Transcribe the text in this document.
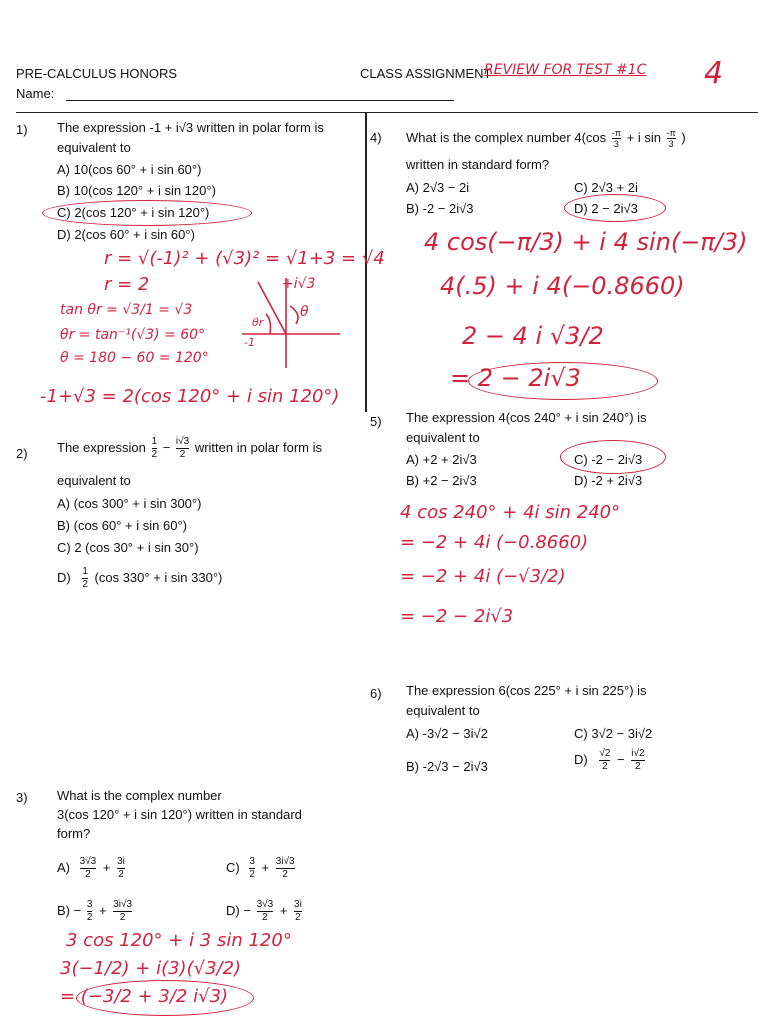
PRE-CALCULUS HONORS
Name:
CLASS ASSIGNMENT
REVIEW FOR TEST #1C 4
1) The expression -1 + i√3 written in polar form is
equivalent to
A) 10(cos 60° + i sin 60°)
B) 10(cos 120° + i sin 120°)
C) 2(cos 120° + i sin 120°)
D) 2(cos 60° + i sin 60°)
r = √(-1)² + (√3)² = √1+3 = √4
r = 2
tan θr = √3/1 = √3
θr = tan⁻¹(√3) = 60°
θ = 180 − 60 = 120°
-1+√3 = 2(cos 120° + i sin 120°)
+i√3
θr
θ
-1
4) What is the complex number $4(\cos \frac{-\pi}{3} + i$ $\sin \frac{-\pi}{3}$ )
written in standard form?
A) 2√3 − 2i	C) 2√3 + 2i
B) -2 − 2i√3	D) 2 − 2i√3
4 cos(−π/3) + i 4 sin(−π/3)
4(.5) + i 4(−0.8660)
2 − 4 i √3/2
= 2 − 2i√3
2) The expression $\frac{1}{2} - \frac{i√3}{2}$ written in polar form is
equivalent to
A) (cos 300° + i sin 300°)
B) (cos 60° + i sin 60°)
C) 2 (cos 30° + i sin 30°)
$D) \frac{1}{2} (\cos$ 330° + i sin 330°)
5) The expression 4(cos 240° + i sin 240°) is
equivalent to
A) +2 + 2i√3	C) -2 − 2i√3
B) +2 − 2i√3	D) -2 + 2i√3
4 cos 240° + 4i sin 240°
= −2 + 4i (−0.8660)
= −2 + 4i (−√3/2)
= −2 − 2i√3
6) The expression 6(cos 225° + i sin 225°) is
equivalent to
A) -3√2 − 3i√2	C) 3√2 − 3i√2
B) -2√3 − 2i√3	$D) \frac{√2}{2} - \frac{i√2}{2}$
3) What is the complex number
3(cos 120° + i sin 120°) written in standard
form?
$A) \frac{3√3}{2} + \frac{3i}{2}$	$C) \frac{3}{2} + \frac{3i√3}{2}$
$B) - \frac{3}{2} + \frac{3i√3}{2}$	$D) - \frac{3√3}{2} + \frac{3i}{2}$
3 cos 120° + i 3 sin 120°
3(−1/2) + i(3)(√3/2)
= (−3/2 + 3/2 i√3)
